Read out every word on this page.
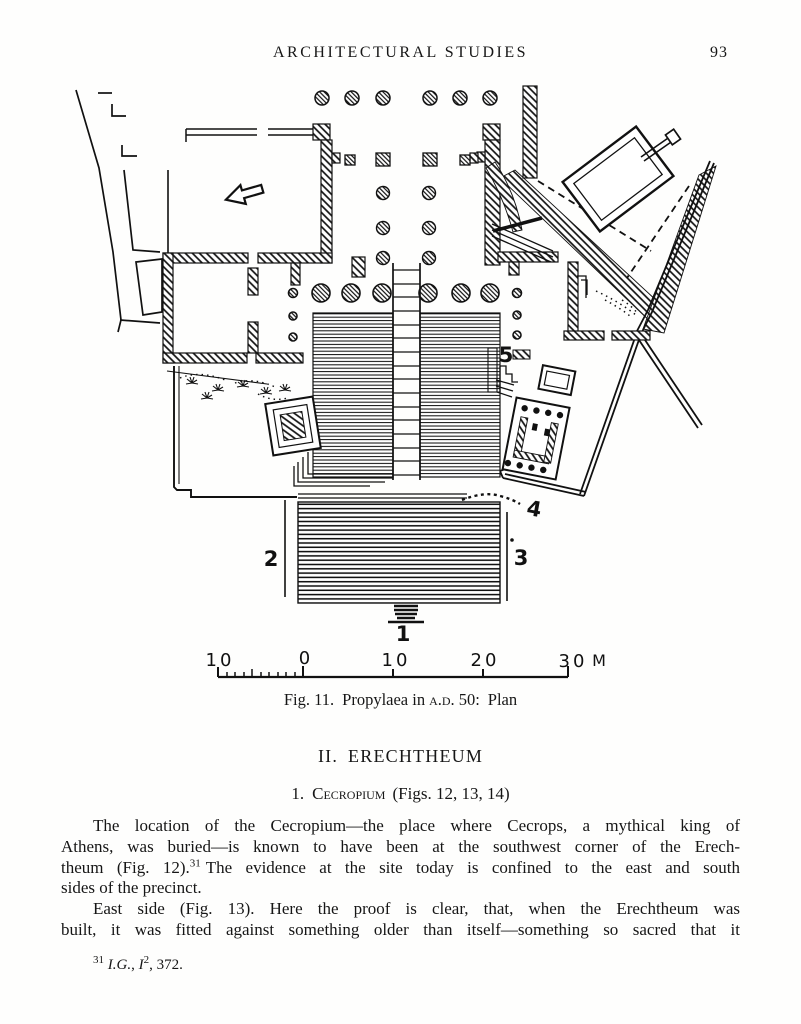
ARCHITECTURAL STUDIES	93
1
2	3
4
5
10	0	10	20	30 M
Fig. 11. Propylaea in a.d. 50: Plan
II. ERECHTHEUM
1. Cecropium (Figs. 12, 13, 14)
The location of the Cecropium—the place where Cecrops, a mythical king of
Athens, was buried—is known to have been at the southwest corner of the Erech-
theum (Fig. 12).$^{31}$ The evidence at the site today is confined to the east and south
sides of the precinct.
East side (Fig. 13). Here the proof is clear, that, when the Erechtheum was
built, it was fitted against something older than itself—something so sacred that it
$^{31}$ I.G., $I^2$, 372.
